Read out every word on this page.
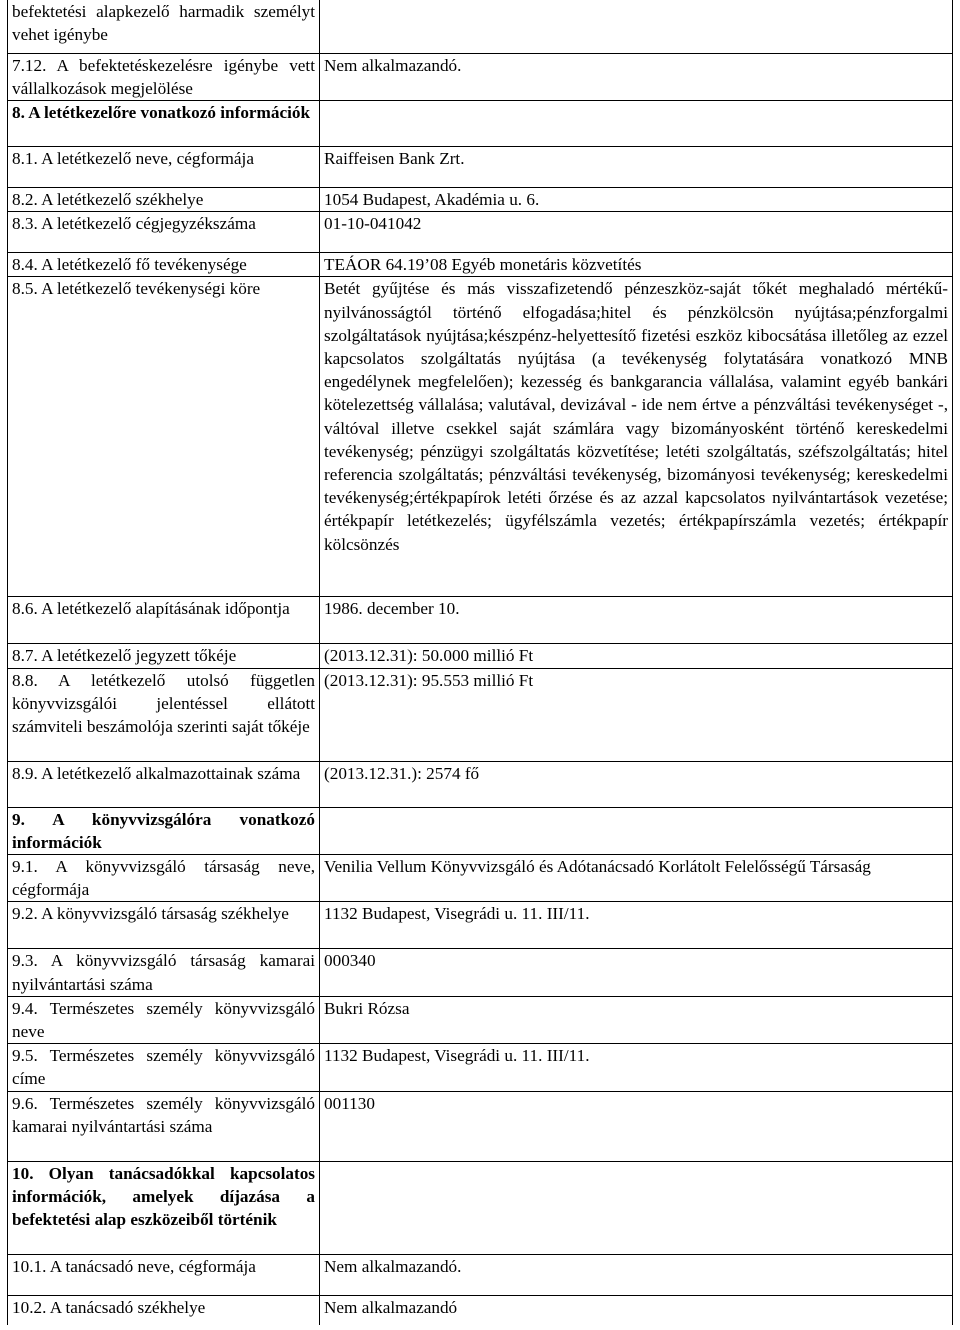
befektetési alapkezelő harmadik személyt vehet igénybe	

7.12. A befektetéskezelésre igénybe vett vállalkozások megjelölése	Nem alkalmazandó.

8. A letétkezelőre vonatkozó információk	

8.1. A letétkezelő neve, cégformája	Raiffeisen Bank Zrt.

8.2. A letétkezelő székhelye	1054 Budapest, Akadémia u. 6.

8.3. A letétkezelő cégjegyzékszáma	01-10-041042

8.4. A letétkezelő fő tevékenysége	TEÁOR 64.19’08 Egyéb monetáris közvetítés

8.5. A letétkezelő tevékenységi köre	Betét gyűjtése és más visszafizetendő pénzeszköz-saját tőkét meghaladó mértékű-nyilvánosságtól történő elfogadása;hitel és pénzkölcsön nyújtása;pénzforgalmi szolgáltatások nyújtása;készpénz-helyettesítő fizetési eszköz kibocsátása illetőleg az ezzel kapcsolatos szolgáltatás nyújtása (a tevékenység folytatására vonatkozó MNB engedélynek megfelelően); kezesség és bankgarancia vállalása, valamint egyéb bankári kötelezettség vállalása; valutával, devizával - ide nem értve a pénzváltási tevékenységet -, váltóval illetve csekkel saját számlára vagy bizományosként történő kereskedelmi tevékenység; pénzügyi szolgáltatás közvetítése; letéti szolgáltatás, széfszolgáltatás; hitel referencia szolgáltatás; pénzváltási tevékenység, bizományosi tevékenység; kereskedelmi tevékenység;értékpapírok letéti őrzése és az azzal kapcsolatos nyilvántartások vezetése; értékpapír letétkezelés; ügyfélszámla vezetés; értékpapírszámla vezetés; értékpapír kölcsönzés

8.6. A letétkezelő alapításának időpontja	1986. december 10.

8.7. A letétkezelő jegyzett tőkéje	(2013.12.31): 50.000 millió Ft

8.8. A letétkezelő utolsó független könyvvizsgálói jelentéssel ellátott számviteli beszámolója szerinti saját tőkéje	(2013.12.31): 95.553 millió Ft

8.9. A letétkezelő alkalmazottainak száma	(2013.12.31.): 2574 fő

9. A könyvvizsgálóra vonatkozó információk	

9.1. A könyvvizsgáló társaság neve, cégformája	Venilia Vellum Könyvvizsgáló és Adótanácsadó Korlátolt Felelősségű Társaság

9.2. A könyvvizsgáló társaság székhelye	1132 Budapest, Visegrádi u. 11. III/11.

9.3. A könyvvizsgáló társaság kamarai nyilvántartási száma	000340

9.4. Természetes személy könyvvizsgáló neve	Bukri Rózsa

9.5. Természetes személy könyvvizsgáló címe	1132 Budapest, Visegrádi u. 11. III/11.

9.6. Természetes személy könyvvizsgáló kamarai nyilvántartási száma	001130

10. Olyan tanácsadókkal kapcsolatos információk, amelyek díjazása a befektetési alap eszközeiből történik	

10.1. A tanácsadó neve, cégformája	Nem alkalmazandó.

10.2. A tanácsadó székhelye	Nem alkalmazandó
